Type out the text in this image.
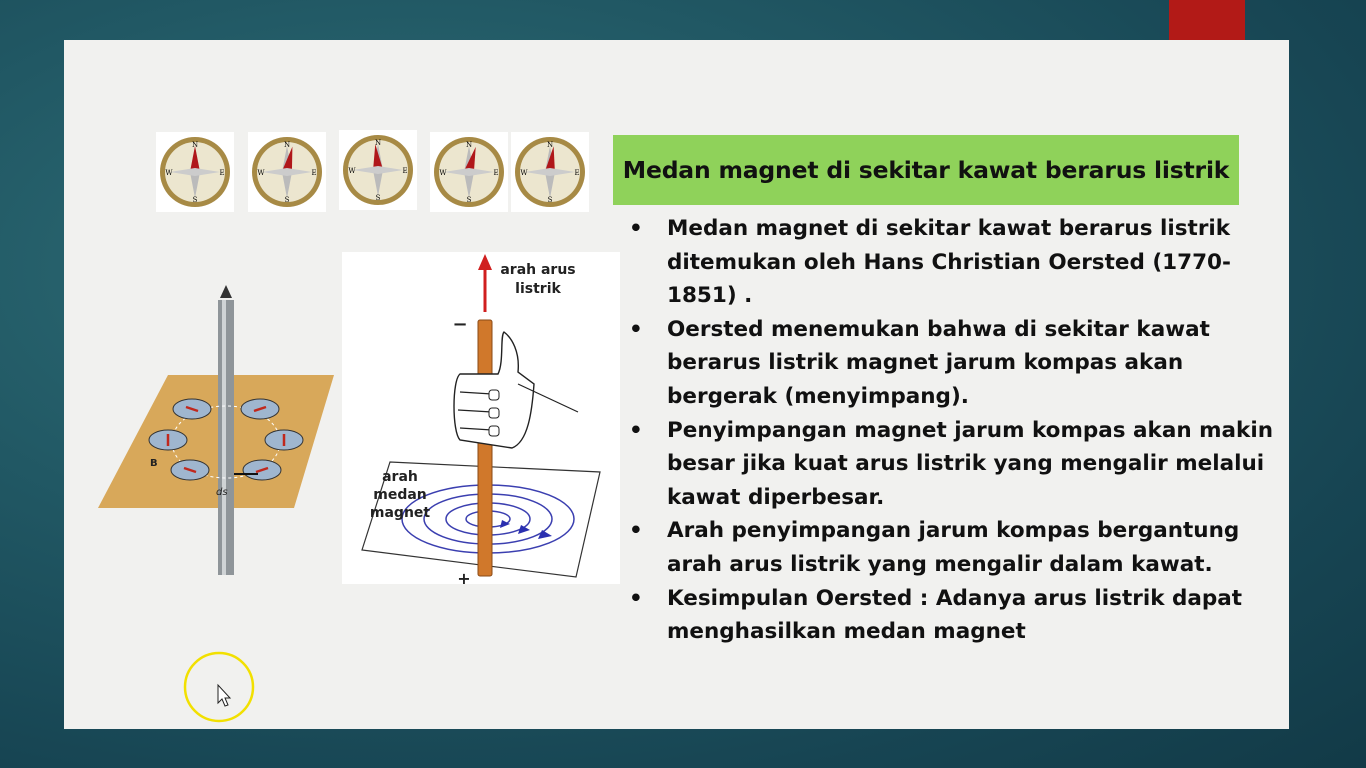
N
S
E
W
N
S
E
W
N
S
E
W
N
S
E
W
N
S
E
W	Medan magnet di sekitar kawat berarus listrik
• Medan magnet di sekitar kawat berarus listrik ditemukan oleh Hans Christian Oersted (1770-1851) .
• Oersted menemukan bahwa di sekitar kawat berarus listrik magnet jarum kompas akan bergerak (menyimpang).
• Penyimpangan magnet jarum kompas akan makin besar jika kuat arus listrik yang mengalir melalui kawat diperbesar.
• Arah penyimpangan jarum kompas bergantung arah arus listrik yang mengalir dalam kawat.
• Kesimpulan Oersted : Adanya arus listrik dapat menghasilkan medan magnet
B
ds
arah arus
listrik
arah
medan
magnet
−
+
